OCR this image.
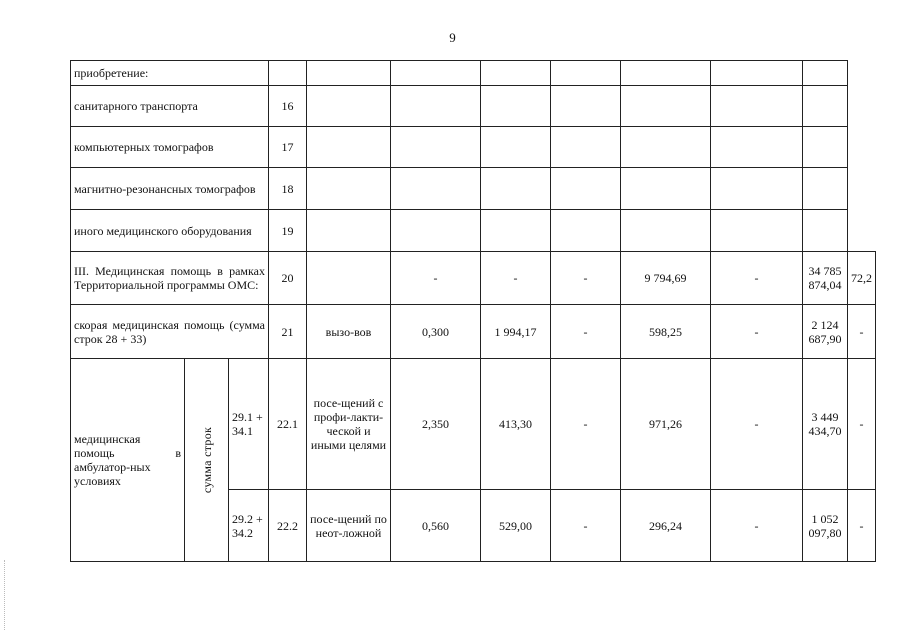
9
приобретение:											
санитарного транспорта			16								
компьютерных томографов			17								
магнитно-резонансных томографов			18								
иного медицинского оборудования			19								
III. Медицинская помощь в рамках Территориальной программы ОМС:			20		-	-	-	9 794,69	-	34 785 874,04	72,2
скорая медицинская помощь (сумма строк 28 + 33)			21	вызо-вов	0,300	1 994,17	-	598,25	-	2 124 687,90	-
медицинская помощь в амбулатор-ных условиях	сумма строк	29.1 + 34.1	22.1	посе-щений с профи-лакти-ческой и иными целями	2,350	413,30	-	971,26	-	3 449 434,70	-
		29.2 + 34.2	22.2	посе-щений по неот-ложной	0,560	529,00	-	296,24	-	1 052 097,80	-
